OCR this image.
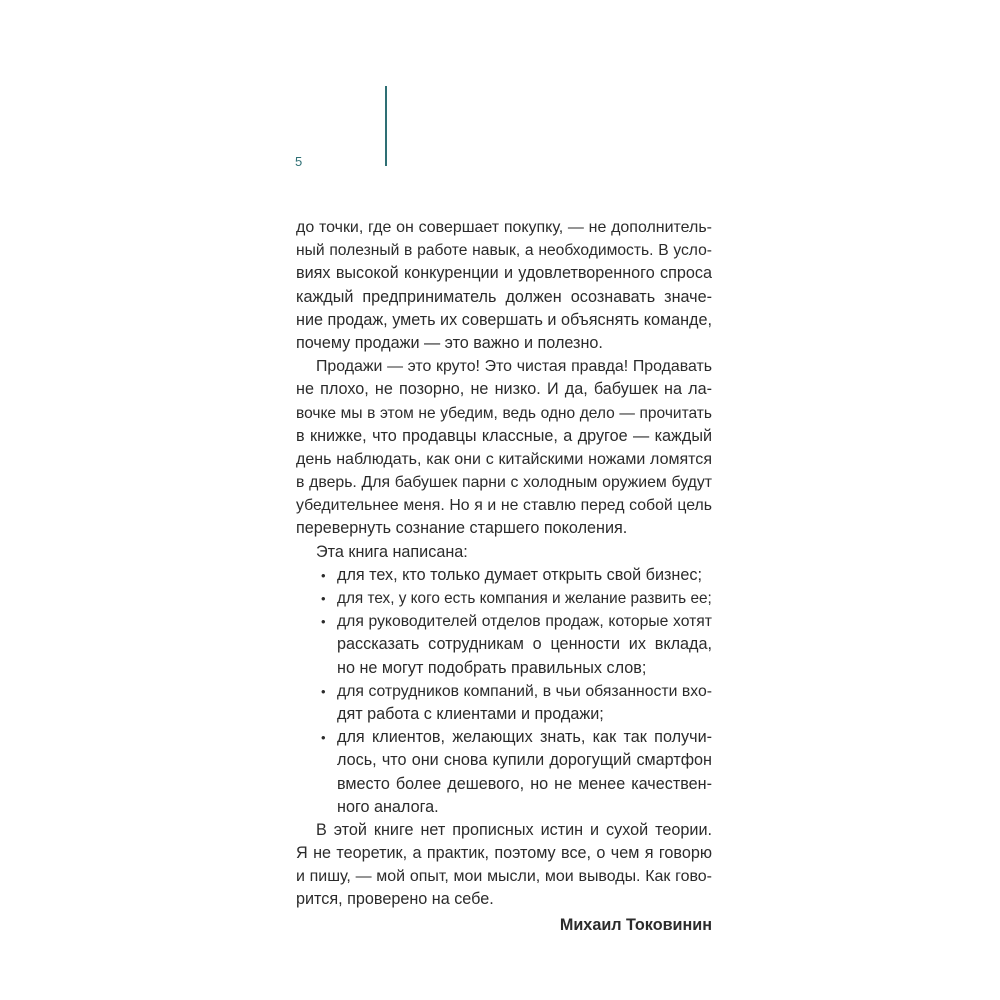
5
до точки, где он совершает покупку, — не дополнитель-
ный полезный в работе навык, а необходимость. В усло-
виях высокой конкуренции и удовлетворенного спроса
каждый предприниматель должен осознавать значе-
ние продаж, уметь их совершать и объяснять команде,
почему продажи — это важно и полезно.
Продажи — это круто! Это чистая правда! Продавать
не плохо, не позорно, не низко. И да, бабушек на ла-
вочке мы в этом не убедим, ведь одно дело — прочитать
в книжке, что продавцы классные, а другое — каждый
день наблюдать, как они с китайскими ножами ломятся
в дверь. Для бабушек парни с холодным оружием будут
убедительнее меня. Но я и не ставлю перед собой цель
перевернуть сознание старшего поколения.
Эта книга написана:
• для тех, кто только думает открыть свой бизнес;
• для тех, у кого есть компания и желание развить ее;
• для руководителей отделов продаж, которые хотят
рассказать сотрудникам о ценности их вклада,
но не могут подобрать правильных слов;
• для сотрудников компаний, в чьи обязанности вхо-
дят работа с клиентами и продажи;
• для клиентов, желающих знать, как так получи-
лось, что они снова купили дорогущий смартфон
вместо более дешевого, но не менее качествен-
ного аналога.
В этой книге нет прописных истин и сухой теории.
Я не теоретик, а практик, поэтому все, о чем я говорю
и пишу, — мой опыт, мои мысли, мои выводы. Как гово-
рится, проверено на себе.
Михаил Токовинин
